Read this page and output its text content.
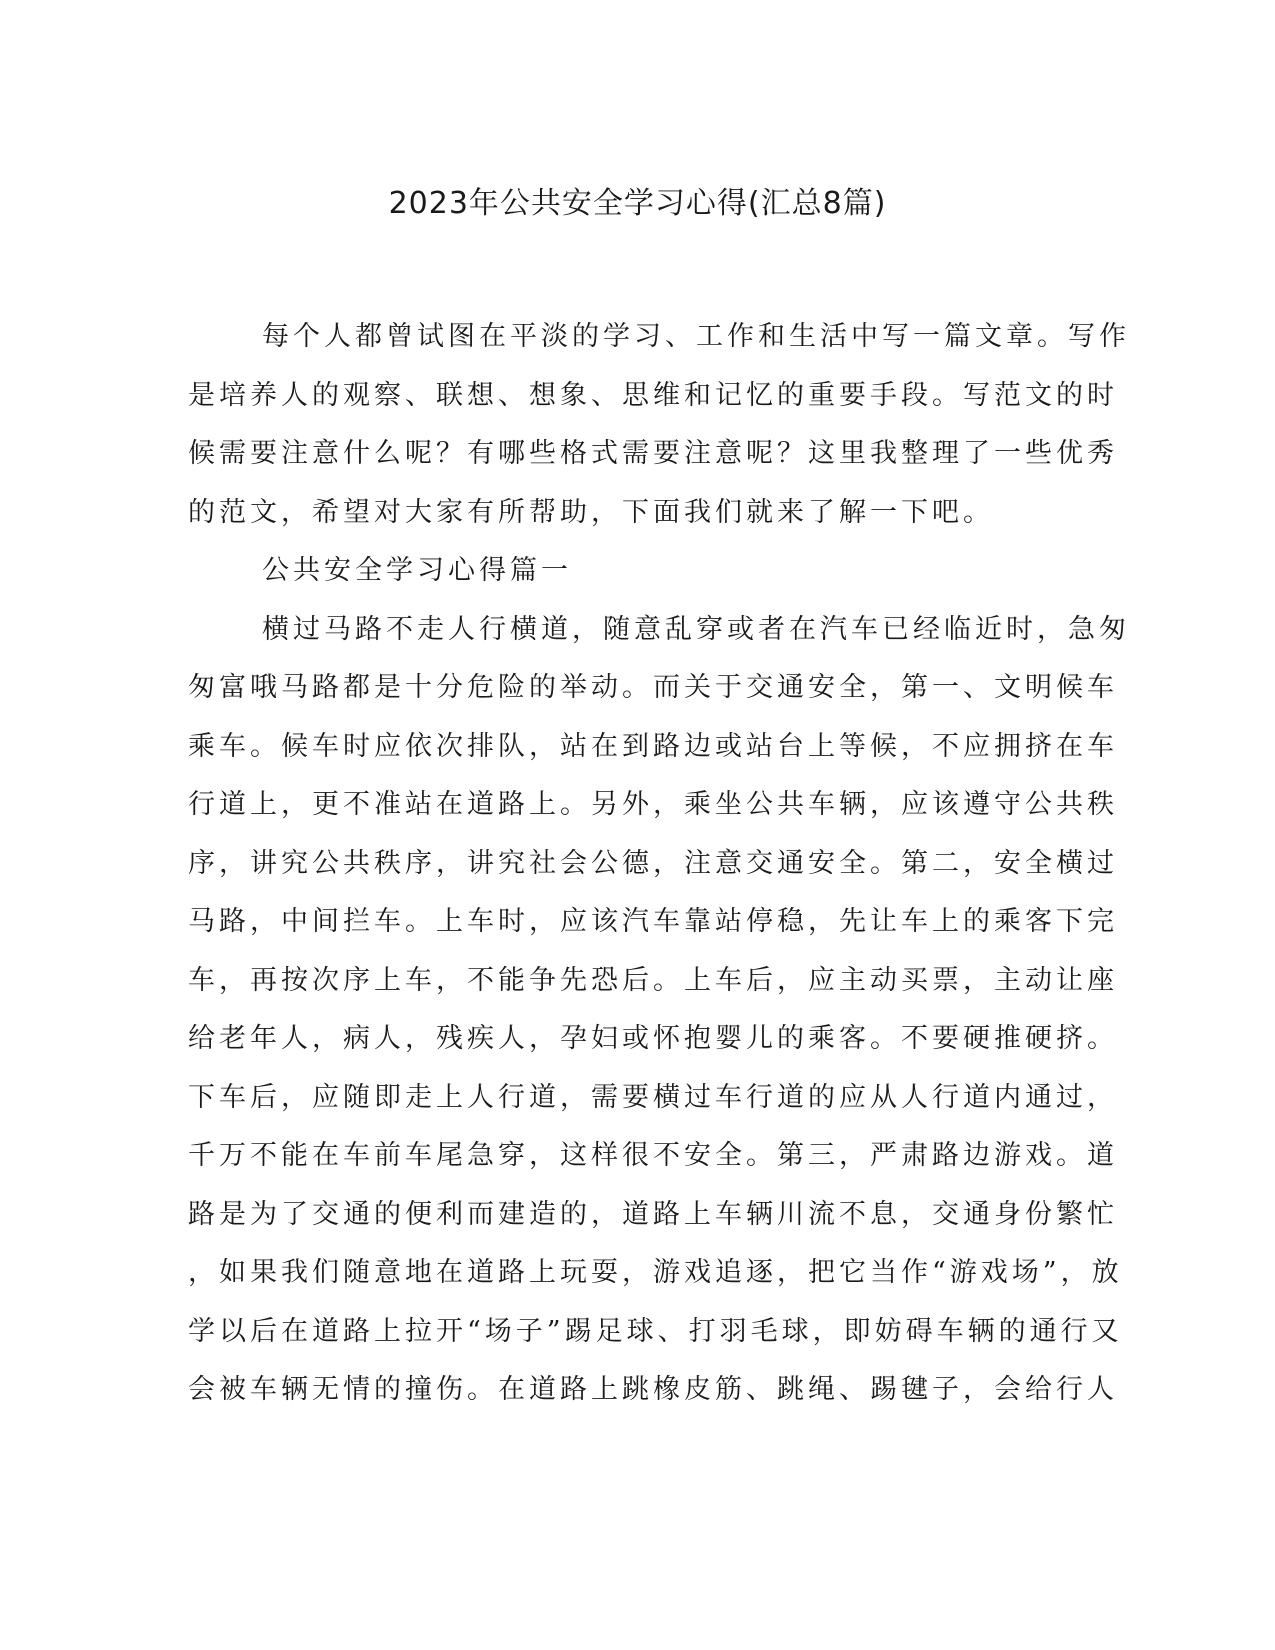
2023年公共安全学习心得(汇总8篇)
每个人都曾试图在平淡的学习、工作和生活中写一篇文章。写作
是培养人的观察、联想、想象、思维和记忆的重要手段。写范文的时
候需要注意什么呢？有哪些格式需要注意呢？这里我整理了一些优秀
的范文，希望对大家有所帮助，下面我们就来了解一下吧。
公共安全学习心得篇一
横过马路不走人行横道，随意乱穿或者在汽车已经临近时，急匆
匆富哦马路都是十分危险的举动。而关于交通安全，第一、文明候车
乘车。候车时应依次排队，站在到路边或站台上等候，不应拥挤在车
行道上，更不准站在道路上。另外，乘坐公共车辆，应该遵守公共秩
序，讲究公共秩序，讲究社会公德，注意交通安全。第二，安全横过
马路，中间拦车。上车时，应该汽车靠站停稳，先让车上的乘客下完
车，再按次序上车，不能争先恐后。上车后，应主动买票，主动让座
给老年人，病人，残疾人，孕妇或怀抱婴儿的乘客。不要硬推硬挤。
下车后，应随即走上人行道，需要横过车行道的应从人行道内通过，
千万不能在车前车尾急穿，这样很不安全。第三，严肃路边游戏。道
路是为了交通的便利而建造的，道路上车辆川流不息，交通身份繁忙
，如果我们随意地在道路上玩耍，游戏追逐，把它当作“游戏场”，放
学以后在道路上拉开“场子”踢足球、打羽毛球，即妨碍车辆的通行又
会被车辆无情的撞伤。在道路上跳橡皮筋、跳绳、踢毽子，会给行人
